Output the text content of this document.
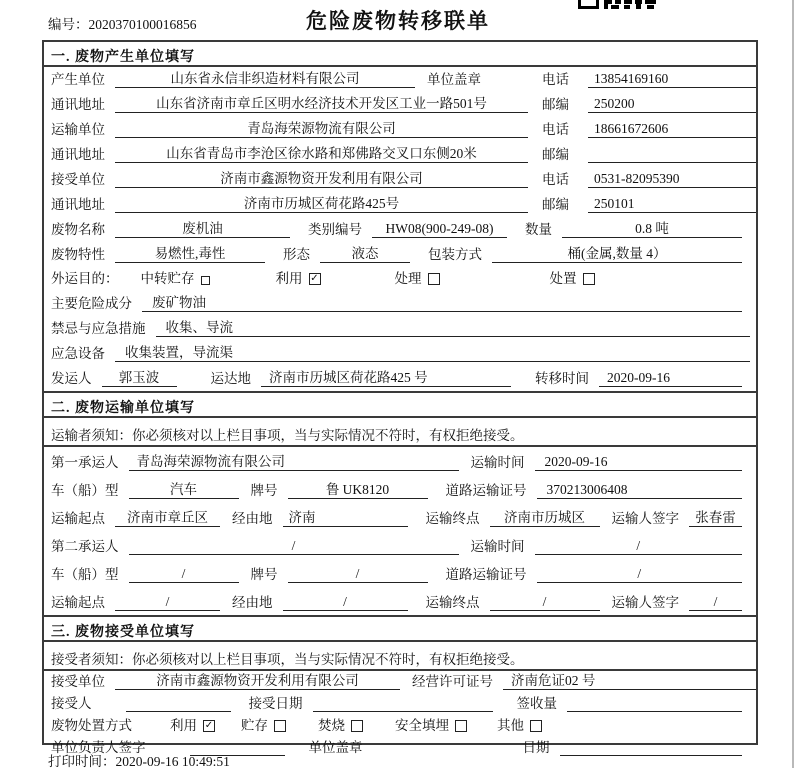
编号：2020370100016856	危险废物转移联单
一. 废物产生单位填写
产生单位	山东省永信非织造材料有限公司	单位盖章	电话	13854169160
通讯地址	山东省济南市章丘区明水经济技术开发区工业一路501号	邮编	250200
运输单位	青岛海荣源物流有限公司	电话	18661672606
通讯地址	山东省青岛市李沧区徐水路和郑佛路交叉口东侧20米	邮编
接受单位	济南市鑫源物资开发利用有限公司	电话	0531-82095390
通讯地址	济南市历城区荷花路425号	邮编	250101
废物名称	废机油	类别编号	HW08(900-249-08)	数量	0.8 吨
废物特性	易燃性,毒性	形态	液态	包装方式	桶(金属,数量 4）
外运目的： 中转贮存	利用 ✓	处理	处置
主要危险成分	废矿物油
禁忌与应急措施	收集、导流
应急设备	收集装置，导流渠
发运人	郭玉波	运达地	济南市历城区荷花路425 号	转移时间	2020-09-16
二. 废物运输单位填写
运输者须知：你必须核对以上栏目事项，当与实际情况不符时，有权拒绝接受。
第一承运人	青岛海荣源物流有限公司	运输时间	2020-09-16
车（船）型	汽车	牌号	鲁 UK8120	道路运输证号	370213006408
运输起点	济南市章丘区	经由地	济南	运输终点	济南市历城区	运输人签字	张春雷
第二承运人	/	运输时间	/
车（船）型	/	牌号	/	道路运输证号	/
运输起点	/	经由地	/	运输终点	/	运输人签字	/
三. 废物接受单位填写
接受者须知：你必须核对以上栏目事项，当与实际情况不符时，有权拒绝接受。
接受单位	济南市鑫源物资开发利用有限公司	经营许可证号	济南危证02 号
接受人	接受日期	签收量
废物处置方式	利用 ✓ 贮存	焚烧	安全填埋	其他
单位负责人签字	单位盖章	日期
打印时间：2020-09-16 10:49:51
